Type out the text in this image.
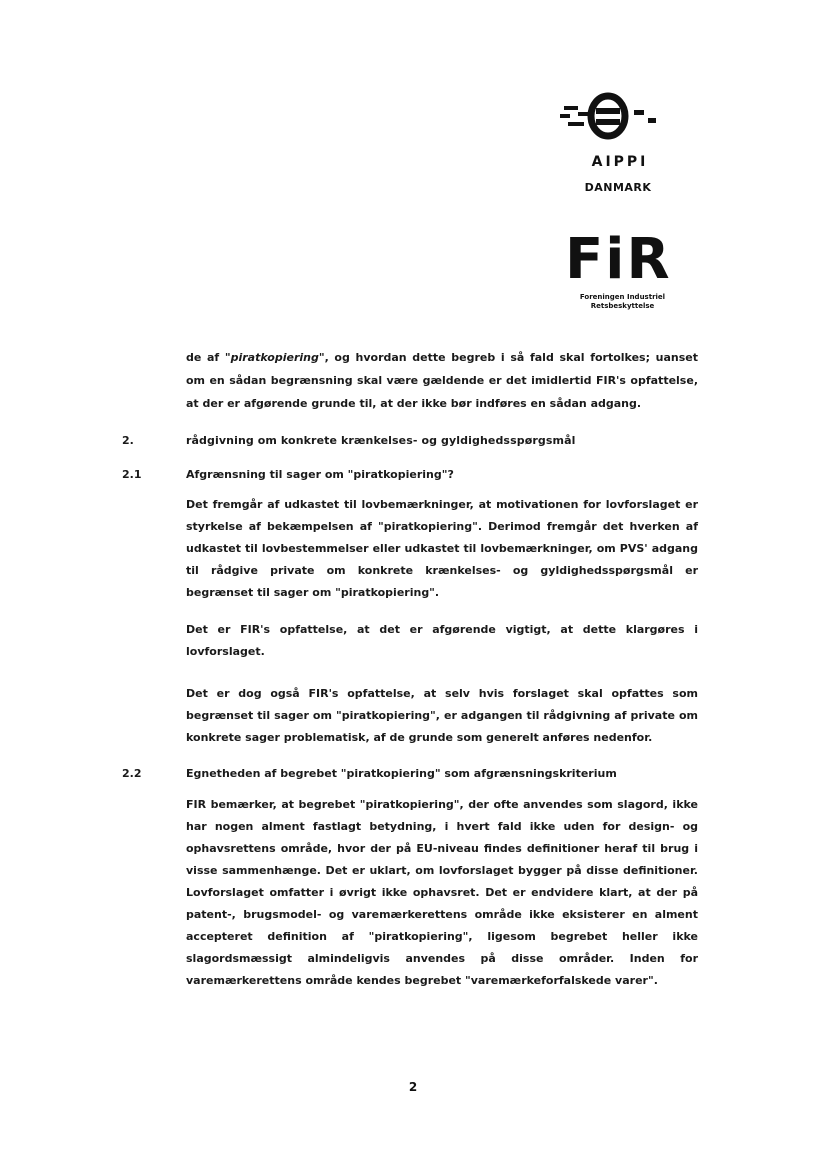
AIPPI
DANMARK
FiR
Foreningen Industriel
Retsbeskyttelse
de af "piratkopiering", og hvordan dette begreb i så fald skal fortolkes; uanset om en sådan begrænsning skal være gældende er det imidlertid FIR's opfattelse, at der er afgørende grunde til, at der ikke bør indføres en sådan adgang.
2.	rådgivning om konkrete krænkelses- og gyldighedsspørgsmål
2.1	Afgrænsning til sager om "piratkopiering"?
Det fremgår af udkastet til lovbemærkninger, at motivationen for lovforslaget er styrkelse af bekæmpelsen af "piratkopiering". Derimod fremgår det hverken af udkastet til lovbestemmelser eller udkastet til lovbemærkninger, om PVS' adgang til rådgive private om konkrete krænkelses- og gyldighedsspørgsmål er begrænset til sager om "piratkopiering".
Det er FIR's opfattelse, at det er afgørende vigtigt, at dette klargøres i lovforslaget.
Det er dog også FIR's opfattelse, at selv hvis forslaget skal opfattes som begrænset til sager om "piratkopiering", er adgangen til rådgivning af private om konkrete sager problematisk, af de grunde som generelt anføres nedenfor.
2.2	Egnetheden af begrebet "piratkopiering" som afgrænsningskriterium
FIR bemærker, at begrebet "piratkopiering", der ofte anvendes som slagord, ikke har nogen alment fastlagt betydning, i hvert fald ikke uden for design- og ophavsrettens område, hvor der på EU-niveau findes definitioner heraf til brug i visse sammenhænge. Det er uklart, om lovforslaget bygger på disse definitioner. Lovforslaget omfatter i øvrigt ikke ophavsret. Det er endvidere klart, at der på patent-, brugsmodel- og varemærkerettens område ikke eksisterer en alment accepteret definition af "piratkopiering", ligesom begrebet heller ikke slagordsmæssigt almindeligvis anvendes på disse områder. Inden for varemærkerettens område kendes begrebet "varemærkeforfalskede varer".
2
